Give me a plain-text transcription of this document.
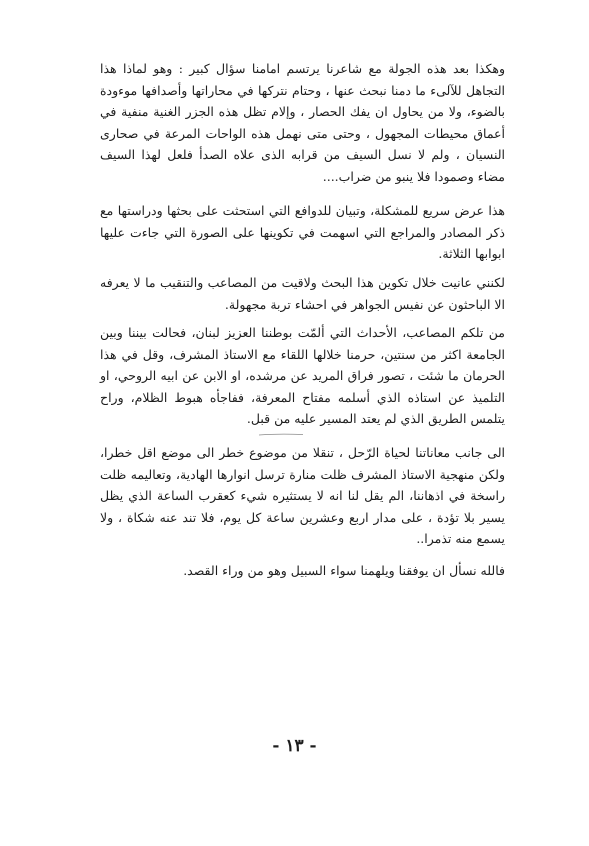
وهكذا بعد هذه الجولة مع شاعرنا يرتسم امامنا سؤال كبير : وهو لماذا هذا التجاهل للآلىء ما دمنا نبحث عنها ، وحتام نتركها في محاراتها وأصدافها موءودة بالضوء، ولا من يحاول ان يفك الحصار ، وإلام تظل هذه الجزر الغنية منفية في أعماق محيطات المجهول ، وحتى متى نهمل هذه الواحات المرعة في صحارى النسيان ، ولم لا نسل السيف من قرابه الذى علاه الصدأ فلعل لهذا السيف مضاء وصمودا فلا ينبو من ضراب....

هذا عرض سريع للمشكلة، وتبيان للدوافع التي استحثت على بحثها ودراستها مع ذكر المصادر والمراجع التي اسهمت في تكوينها على الصورة التي جاءت عليها ابوابها الثلاثة.

لكنني عانيت خلال تكوين هذا البحث ولاقيت من المصاعب والتنقيب ما لا يعرفه الا الباحثون عن نفيس الجواهر في احشاء تربة مجهولة.

من تلكم المصاعب، الأحداث التي ألمّت بوطننا العزيز لبنان، فحالت بيننا وبين الجامعة اكثر من سنتين، حرمنا خلالها اللقاء مع الاستاذ المشرف، وقل في هذا الحرمان ما شئت ، تصور فراق المريد عن مرشده، او الابن عن ابيه الروحي، او التلميذ عن استاذه الذي أسلمه مفتاح المعرفة، ففاجأه هبوط الظلام، وراح يتلمس الطريق الذي لم يعتد المسير عليه من قبل.

الى جانب معاناتنا لحياة الرّحل ، تنقلا من موضوع خطر الى موضع اقل خطرا، ولكن منهجية الاستاذ المشرف ظلت منارة ترسل انوارها الهادية، وتعاليمه ظلت راسخة في اذهاننا، الم يقل لنا انه لا يستثيره شيء كعقرب الساعة الذي يظل يسير بلا تؤدة ، على مدار اربع وعشرين ساعة كل يوم، فلا تند عنه شكاة ، ولا يسمع منه تذمرا..

فالله نسأل ان يوفقنا ويلهمنا سواء السبيل وهو من وراء القصد.

- ١٣ -
